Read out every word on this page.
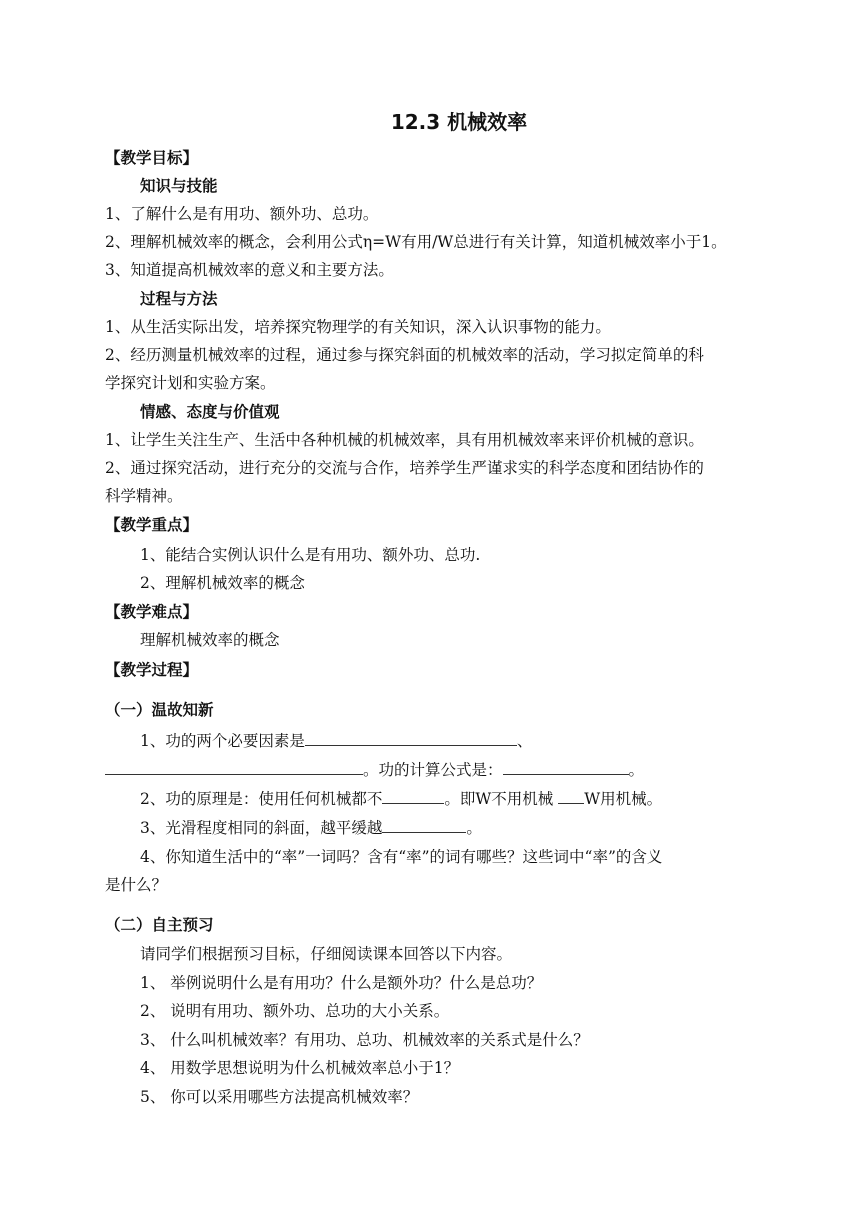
12.3 机械效率
【教学目标】
知识与技能
1、了解什么是有用功、额外功、总功。
2、理解机械效率的概念，会利用公式η=W有用/W总进行有关计算，知道机械效率小于1。
3、知道提高机械效率的意义和主要方法。
过程与方法
1、从生活实际出发，培养探究物理学的有关知识，深入认识事物的能力。
2、经历测量机械效率的过程，通过参与探究斜面的机械效率的活动，学习拟定简单的科
学探究计划和实验方案。
情感、态度与价值观
1、让学生关注生产、生活中各种机械的机械效率，具有用机械效率来评价机械的意识。
2、通过探究活动，进行充分的交流与合作，培养学生严谨求实的科学态度和团结协作的
科学精神。
【教学重点】
1、能结合实例认识什么是有用功、额外功、总功.
2、理解机械效率的概念
【教学难点】
理解机械效率的概念
【教学过程】
（一）温故知新
1、功的两个必要因素是	、
。功的计算公式是：	。
2、功的原理是：使用任何机械都不	。即W不用机械 W用机械。
3、光滑程度相同的斜面，越平缓越	。
4、你知道生活中的“率”一词吗？含有“率”的词有哪些？这些词中“率”的含义
是什么？
（二）自主预习
请同学们根据预习目标，仔细阅读课本回答以下内容。
1、 举例说明什么是有用功？什么是额外功？什么是总功？
2、 说明有用功、额外功、总功的大小关系。
3、 什么叫机械效率？有用功、总功、机械效率的关系式是什么？
4、 用数学思想说明为什么机械效率总小于1？
5、 你可以采用哪些方法提高机械效率？
